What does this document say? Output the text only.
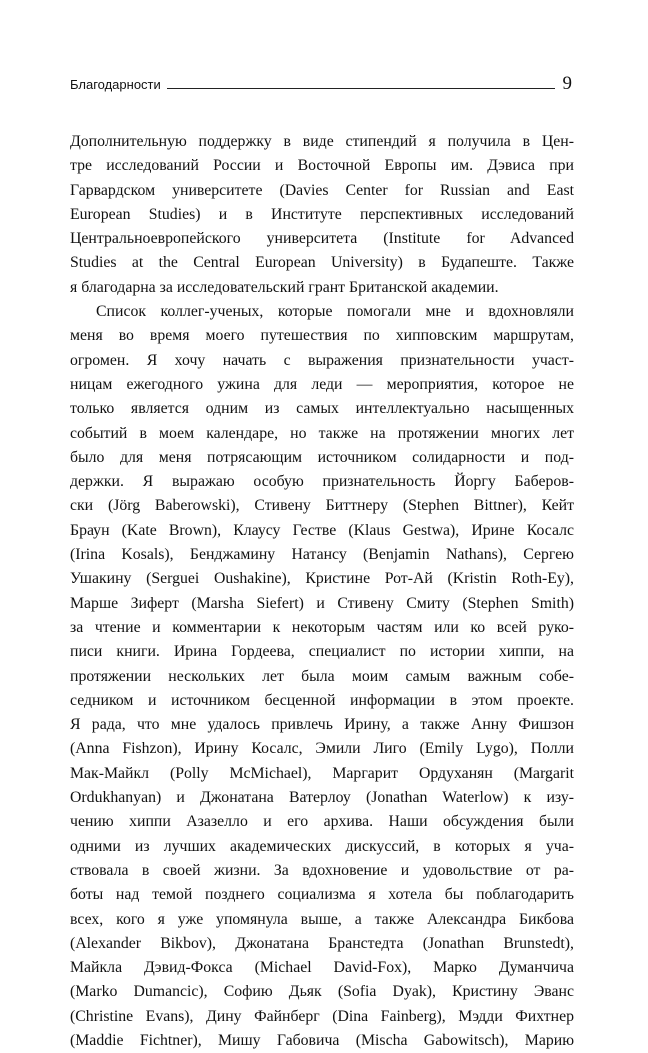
Благодарности	9
Дополнительную поддержку в виде стипендий я получила в Цен-
тре исследований России и Восточной Европы им. Дэвиса при
Гарвардском университете (Davies Center for Russian and East
European Studies) и в Институте перспективных исследований
Центральноевропейского университета (Institute for Advanced
Studies at the Central European University) в Будапеште. Также
я благодарна за исследовательский грант Британской академии.
Список коллег-ученых, которые помогали мне и вдохновляли
меня во время моего путешествия по хипповским маршрутам,
огромен. Я хочу начать с выражения признательности участ-
ницам ежегодного ужина для леди — мероприятия, которое не
только является одним из самых интеллектуально насыщенных
событий в моем календаре, но также на протяжении многих лет
было для меня потрясающим источником солидарности и под-
держки. Я выражаю особую признательность Йоргу Баберов-
ски (Jörg Baberowski), Стивену Биттнеру (Stephen Bittner), Кейт
Браун (Kate Brown), Клаусу Гестве (Klaus Gestwa), Ирине Косалс
(Irina Kosals), Бенджамину Натансу (Benjamin Nathans), Сергею
Ушакину (Serguei Oushakine), Кристине Рот-Ай (Kristin Roth-Ey),
Марше Зиферт (Marsha Siefert) и Стивену Смиту (Stephen Smith)
за чтение и комментарии к некоторым частям или ко всей руко-
писи книги. Ирина Гордеева, специалист по истории хиппи, на
протяжении нескольких лет была моим самым важным собе-
седником и источником бесценной информации в этом проекте.
Я рада, что мне удалось привлечь Ирину, а также Анну Фишзон
(Anna Fishzon), Ирину Косалс, Эмили Лиго (Emily Lygo), Полли
Мак-Майкл (Polly McMichael), Маргарит Ордуханян (Margarit
Ordukhanyan) и Джонатана Ватерлоу (Jonathan Waterlow) к изу-
чению хиппи Азазелло и его архива. Наши обсуждения были
одними из лучших академических дискуссий, в которых я уча-
ствовала в своей жизни. За вдохновение и удовольствие от ра-
боты над темой позднего социализма я хотела бы поблагодарить
всех, кого я уже упомянула выше, а также Александра Бикбова
(Alexander Bikbov), Джонатана Бранстедта (Jonathan Brunstedt),
Майкла Дэвид-Фокса (Michael David-Fox), Марко Думанчича
(Marko Dumancic), Софию Дьяк (Sofia Dyak), Кристину Эванс
(Christine Evans), Дину Файнберг (Dina Fainberg), Мэдди Фихтнер
(Maddie Fichtner), Мишу Габовича (Mischa Gabowitsch), Марию
